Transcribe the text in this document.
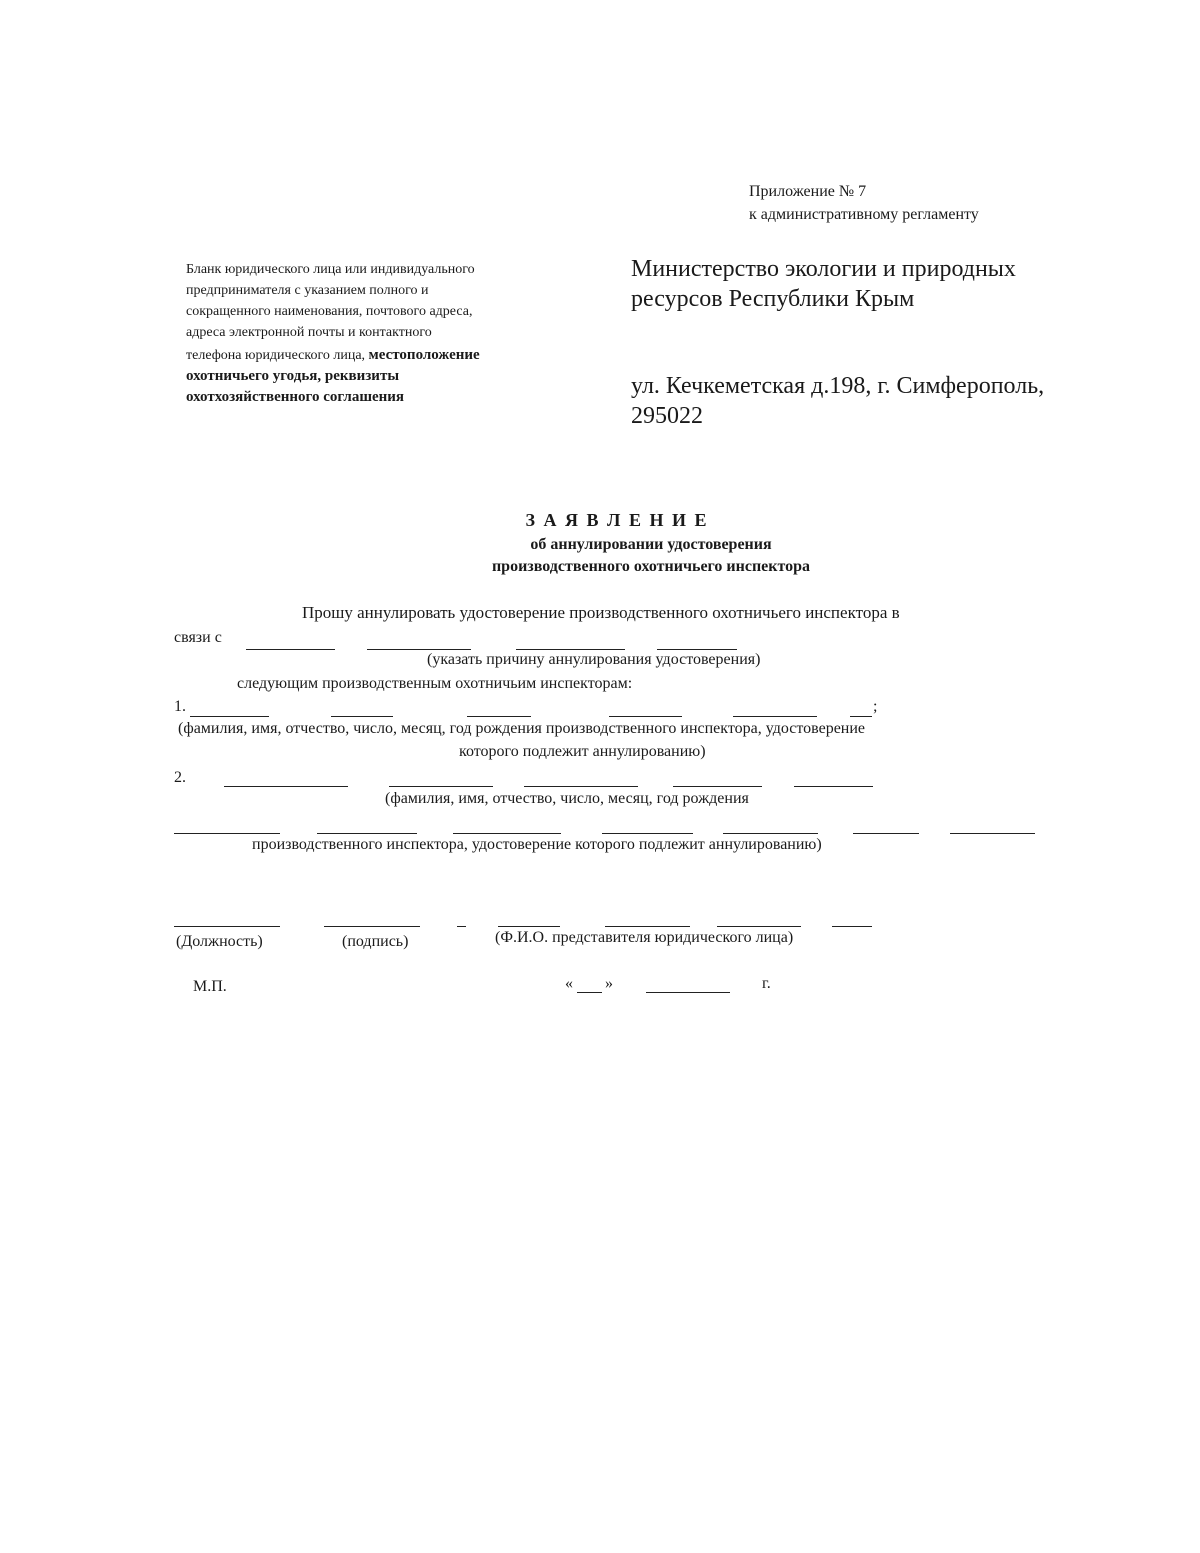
Приложение № 7
к административному регламенту
Бланк юридического лица или индивидуального
предпринимателя с указанием полного и
сокращенного наименования, почтового адреса,
адреса электронной почты и контактного
телефона юридического лица, местоположение
охотничьего угодья, реквизиты
охотхозяйственного соглашения
Министерство экологии и природных
ресурсов Республики Крым
ул. Кечкеметская д.198, г. Симферополь,
295022
З А Я В Л Е Н И Е
об аннулировании удостоверения
производственного охотничьего инспектора
Прошу аннулировать удостоверение производственного охотничьего инспектора в
связи с
(указать причину аннулирования удостоверения)
следующим производственным охотничьим инспекторам:
1.	;
(фамилия, имя, отчество, число, месяц, год рождения производственного инспектора, удостоверение
которого подлежит аннулированию)
2.
(фамилия, имя, отчество, число, месяц, год рождения
производственного инспектора, удостоверение которого подлежит аннулированию)
(Должность)	(подпись)	(Ф.И.О. представителя юридического лица)
М.П.	« »	г.
